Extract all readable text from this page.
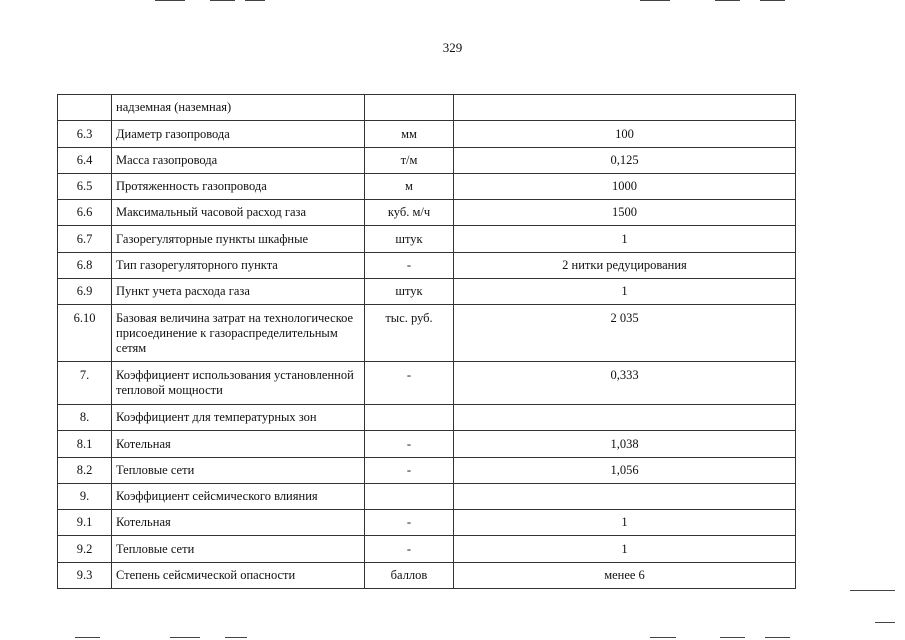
329
	надземная (наземная)		
6.3	Диаметр газопровода	мм	100
6.4	Масса газопровода	т/м	0,125
6.5	Протяженность газопровода	м	1000
6.6	Максимальный часовой расход газа	куб. м/ч	1500
6.7	Газорегуляторные пункты шкафные	штук	1
6.8	Тип газорегуляторного пункта	-	2 нитки редуцирования
6.9	Пункт учета расхода газа	штук	1
6.10	Базовая величина затрат на технологическое присоединение к газораспределительным сетям	тыс. руб.	2 035
7.	Коэффициент использования установленной тепловой мощности	-	0,333
8.	Коэффициент для температурных зон		
8.1	Котельная	-	1,038
8.2	Тепловые сети	-	1,056
9.	Коэффициент сейсмического влияния		
9.1	Котельная	-	1
9.2	Тепловые сети	-	1
9.3	Степень сейсмической опасности	баллов	менее 6
